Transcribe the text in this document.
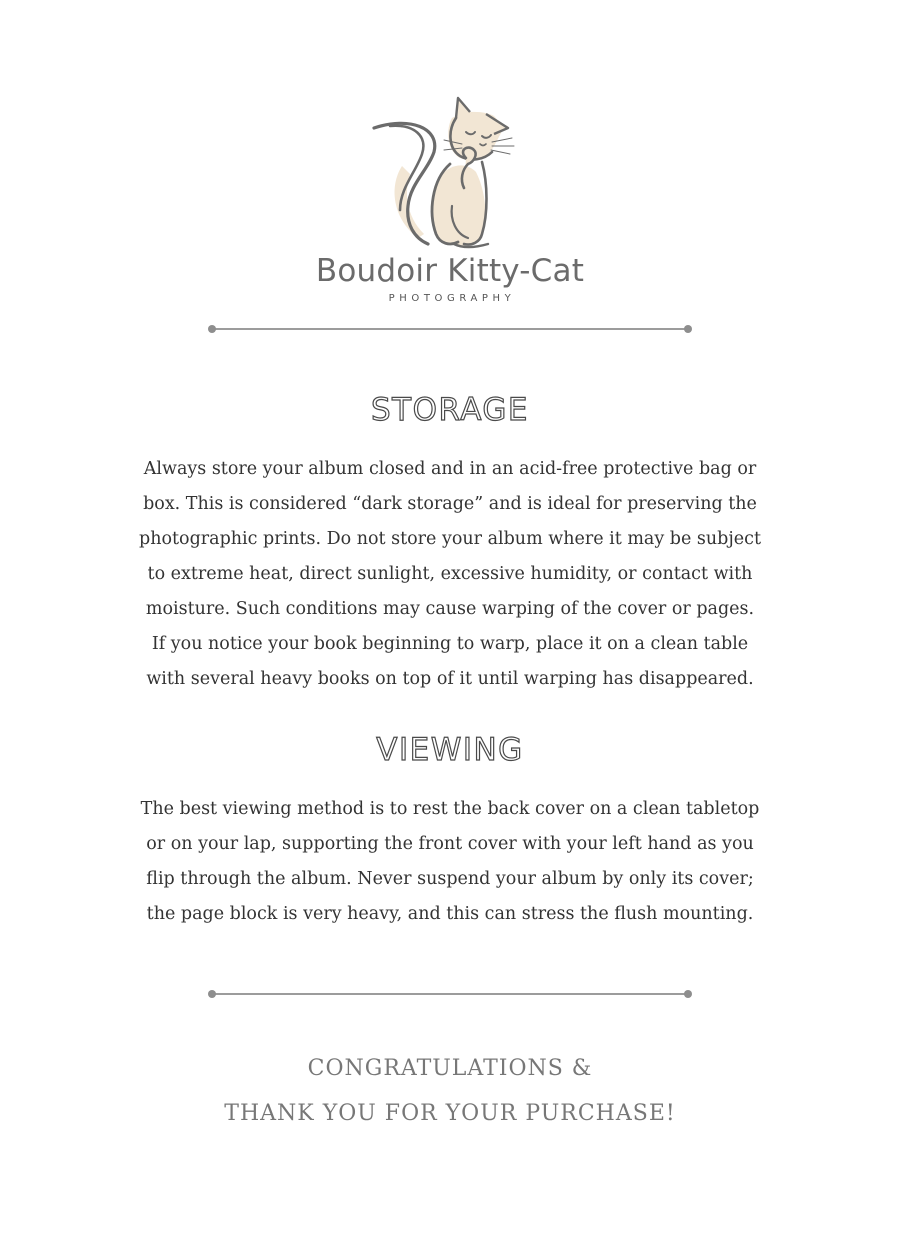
Boudoir Kitty-Cat
PHOTOGRAPHY
STORAGE

Always store your album closed and in an acid-free protective bag or
box. This is considered “dark storage” and is ideal for preserving the
photographic prints. Do not store your album where it may be subject
to extreme heat, direct sunlight, excessive humidity, or contact with
moisture. Such conditions may cause warping of the cover or pages.
If you notice your book beginning to warp, place it on a clean table
with several heavy books on top of it until warping has disappeared.

VIEWING

The best viewing method is to rest the back cover on a clean tabletop
or on your lap, supporting the front cover with your left hand as you
flip through the album. Never suspend your album by only its cover;
the page block is very heavy, and this can stress the flush mounting.

CONGRATULATIONS &
THANK YOU FOR YOUR PURCHASE!
